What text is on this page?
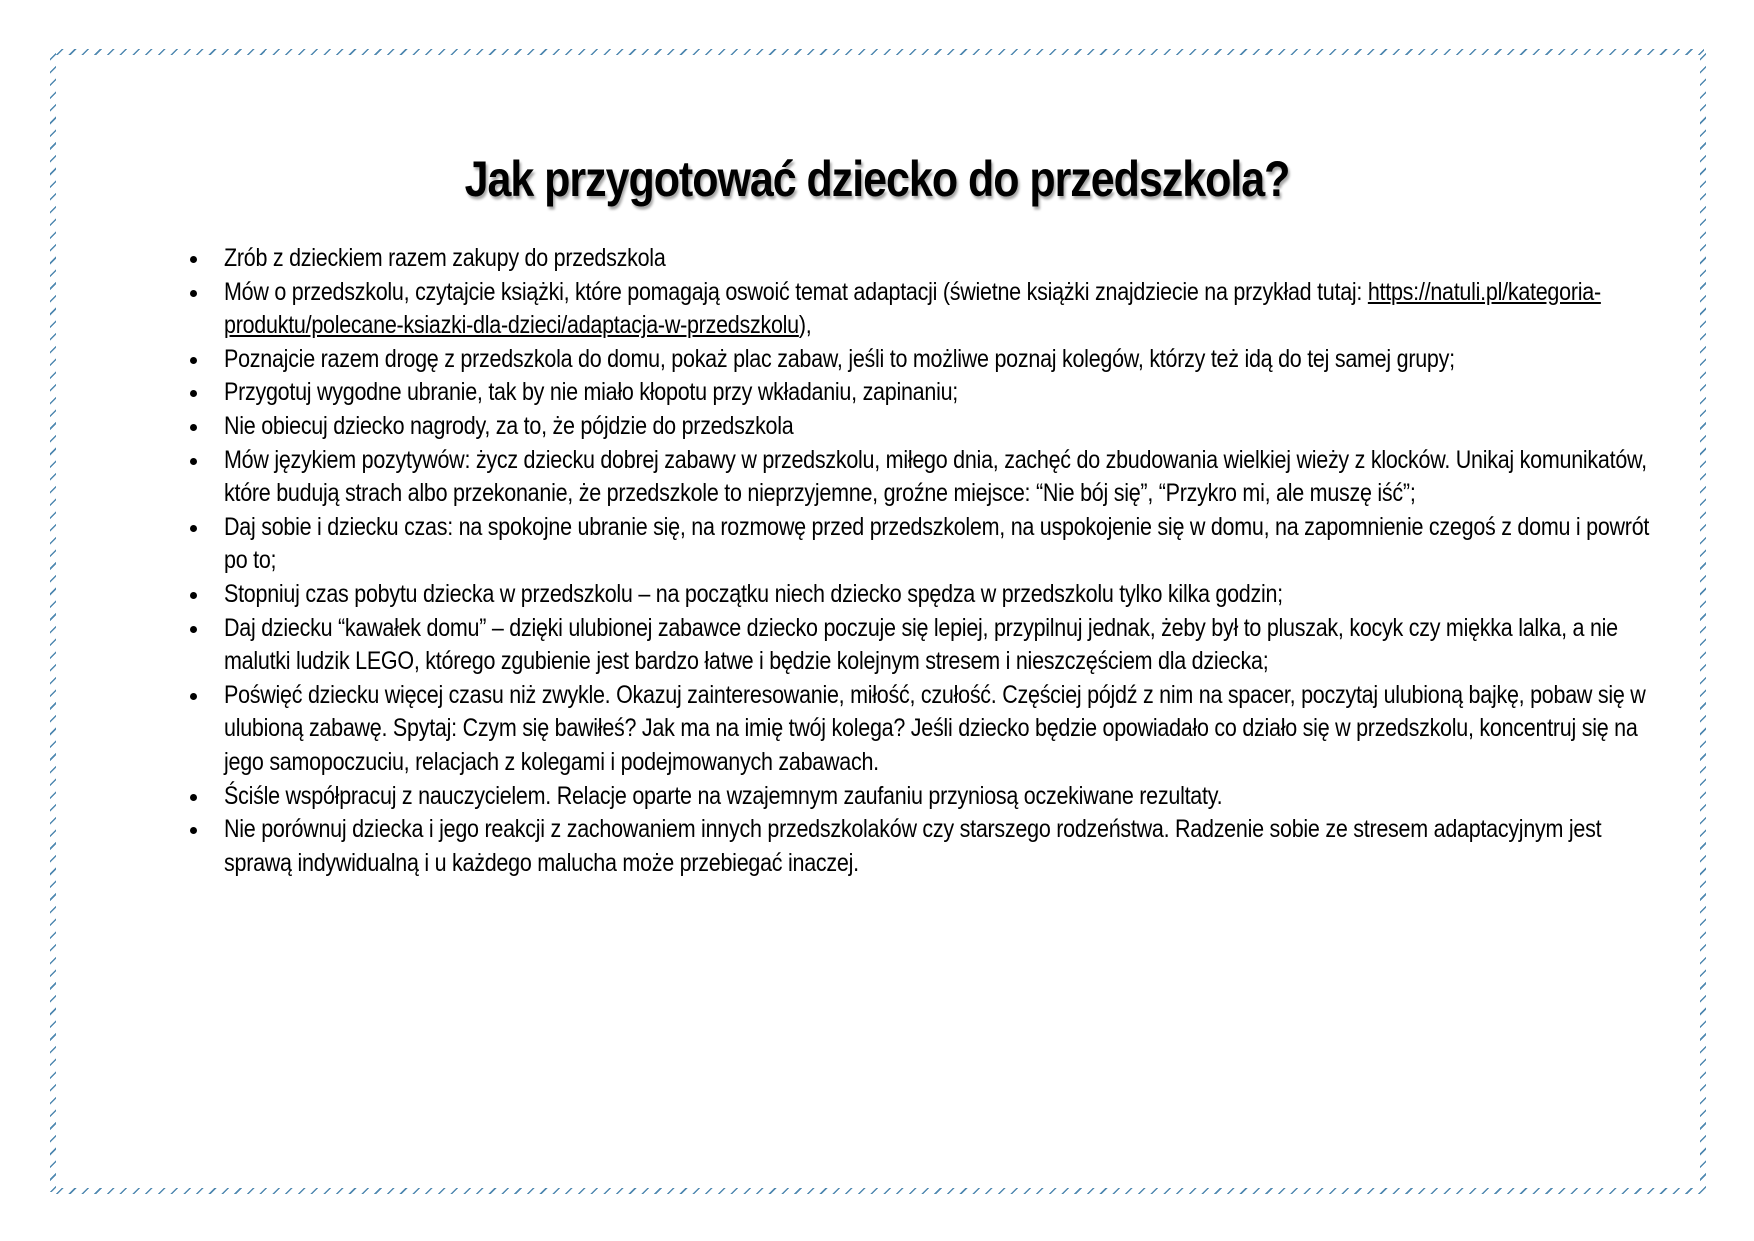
Jak przygotować dziecko do przedszkola?
Zrób z dzieckiem razem zakupy do przedszkola
Mów o przedszkolu, czytajcie książki, które pomagają oswoić temat adaptacji (świetne książki znajdziecie na przykład tutaj: https://natuli.pl/kategoria-produktu/polecane-ksiazki-dla-dzieci/adaptacja-w-przedszkolu),
Poznajcie razem drogę z przedszkola do domu, pokaż plac zabaw, jeśli to możliwe poznaj kolegów, którzy też idą do tej samej grupy;
Przygotuj wygodne ubranie, tak by nie miało kłopotu przy wkładaniu, zapinaniu;
Nie obiecuj dziecko nagrody, za to, że pójdzie do przedszkola
Mów językiem pozytywów: życz dziecku dobrej zabawy w przedszkolu, miłego dnia, zachęć do zbudowania wielkiej wieży z klocków. Unikaj komunikatów, które budują strach albo przekonanie, że przedszkole to nieprzyjemne, groźne miejsce: “Nie bój się”, “Przykro mi, ale muszę iść”;
Daj sobie i dziecku czas: na spokojne ubranie się, na rozmowę przed przedszkolem, na uspokojenie się w domu, na zapomnienie czegoś z domu i powrót po to;
Stopniuj czas pobytu dziecka w przedszkolu – na początku niech dziecko spędza w przedszkolu tylko kilka godzin;
Daj dziecku “kawałek domu” – dzięki ulubionej zabawce dziecko poczuje się lepiej, przypilnuj jednak, żeby był to pluszak, kocyk czy miękka lalka, a nie malutki ludzik LEGO, którego zgubienie jest bardzo łatwe i będzie kolejnym stresem i nieszczęściem dla dziecka;
Poświęć dziecku więcej czasu niż zwykle. Okazuj zainteresowanie, miłość, czułość. Częściej pójdź z nim na spacer, poczytaj ulubioną bajkę, pobaw się w ulubioną zabawę. Spytaj: Czym się bawiłeś? Jak ma na imię twój kolega? Jeśli dziecko będzie opowiadało co działo się w przedszkolu, koncentruj się na jego samopoczuciu, relacjach z kolegami i podejmowanych zabawach.
Ściśle współpracuj z nauczycielem. Relacje oparte na wzajemnym zaufaniu przyniosą oczekiwane rezultaty.
Nie porównuj dziecka i jego reakcji z zachowaniem innych przedszkolaków czy starszego rodzeństwa. Radzenie sobie ze stresem adaptacyjnym jest sprawą indywidualną i u każdego malucha może przebiegać inaczej.
